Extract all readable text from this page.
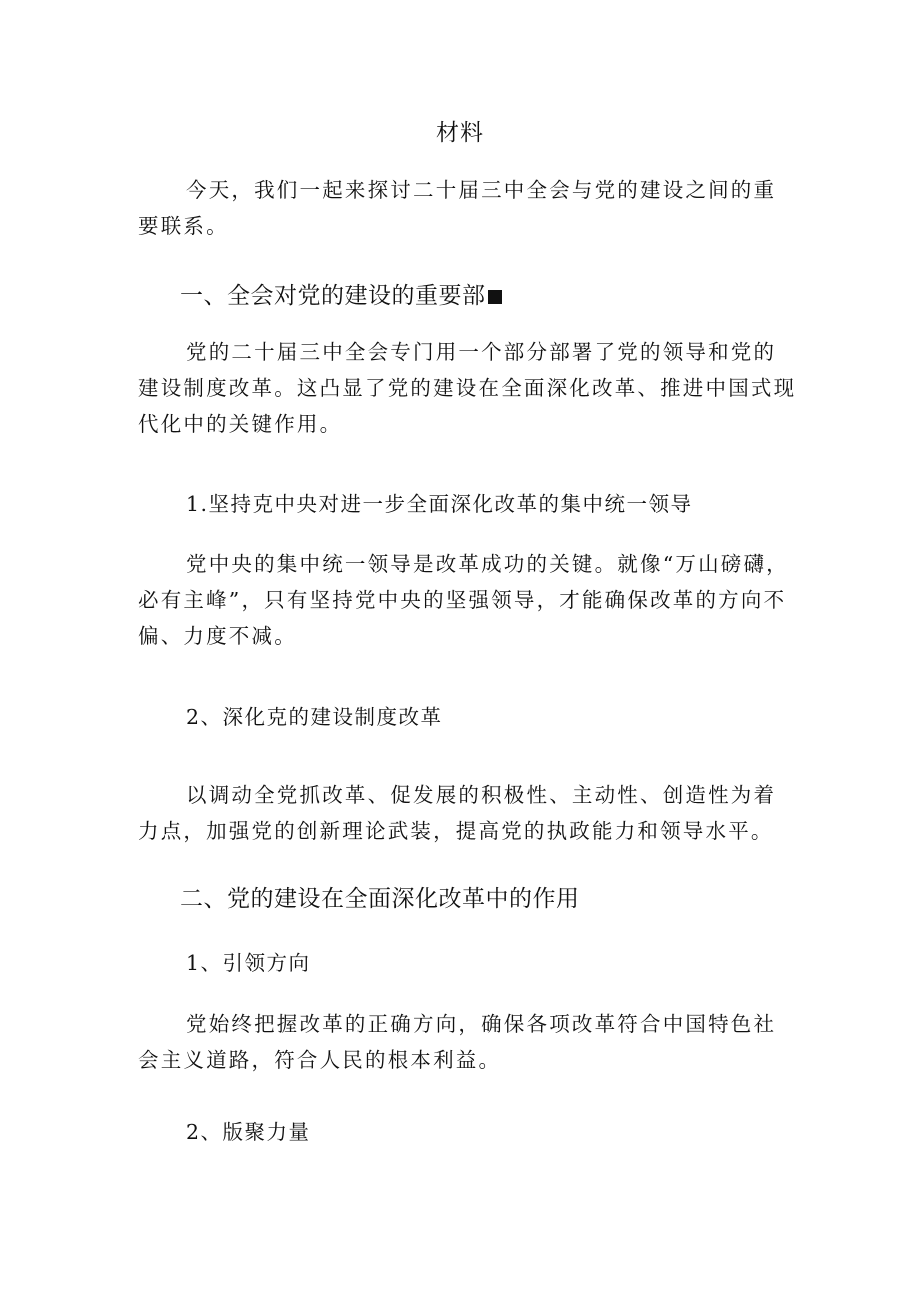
材料
今天，我们一起来探讨二十届三中全会与党的建设之间的重要联系。
一、全会对党的建设的重要部
党的二十届三中全会专门用一个部分部署了党的领导和党的建设制度改革。这凸显了党的建设在全面深化改革、推进中国式现代化中的关键作用。
1.坚持克中央对进一步全面深化改革的集中统一领导
党中央的集中统一领导是改革成功的关键。就像“万山磅礴，必有主峰”，只有坚持党中央的坚强领导，才能确保改革的方向不偏、力度不减。
2、深化克的建设制度改革
以调动全党抓改革、促发展的积极性、主动性、创造性为着力点，加强党的创新理论武装，提高党的执政能力和领导水平。
二、党的建设在全面深化改革中的作用
1、引领方向
党始终把握改革的正确方向，确保各项改革符合中国特色社会主义道路，符合人民的根本利益。
2、版聚力量
